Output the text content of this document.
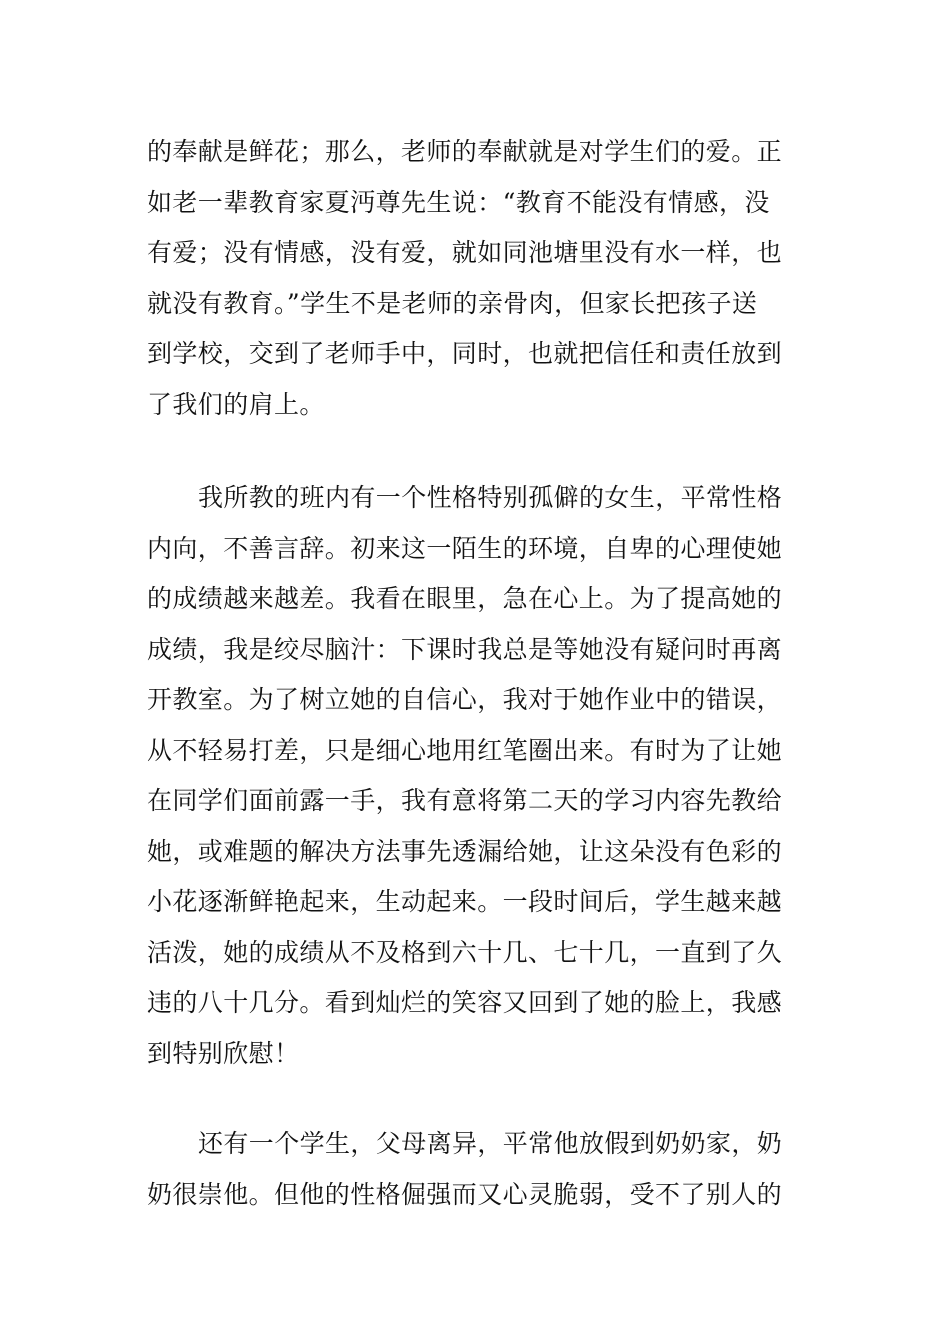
的奉献是鲜花；那么，老师的奉献就是对学生们的爱。正
如老一辈教育家夏沔尊先生说：“教育不能没有情感，没
有爱；没有情感，没有爱，就如同池塘里没有水一样，也
就没有教育。”学生不是老师的亲骨肉，但家长把孩子送
到学校，交到了老师手中，同时，也就把信任和责任放到
了我们的肩上。
我所教的班内有一个性格特别孤僻的女生，平常性格
内向，不善言辞。初来这一陌生的环境，自卑的心理使她
的成绩越来越差。我看在眼里，急在心上。为了提高她的
成绩，我是绞尽脑汁：下课时我总是等她没有疑问时再离
开教室。为了树立她的自信心，我对于她作业中的错误，
从不轻易打差，只是细心地用红笔圈出来。有时为了让她
在同学们面前露一手，我有意将第二天的学习内容先教给
她，或难题的解决方法事先透漏给她，让这朵没有色彩的
小花逐渐鲜艳起来，生动起来。一段时间后，学生越来越
活泼，她的成绩从不及格到六十几、七十几，一直到了久
违的八十几分。看到灿烂的笑容又回到了她的脸上，我感
到特别欣慰！
还有一个学生，父母离异，平常他放假到奶奶家，奶
奶很崇他。但他的性格倔强而又心灵脆弱，受不了别人的
